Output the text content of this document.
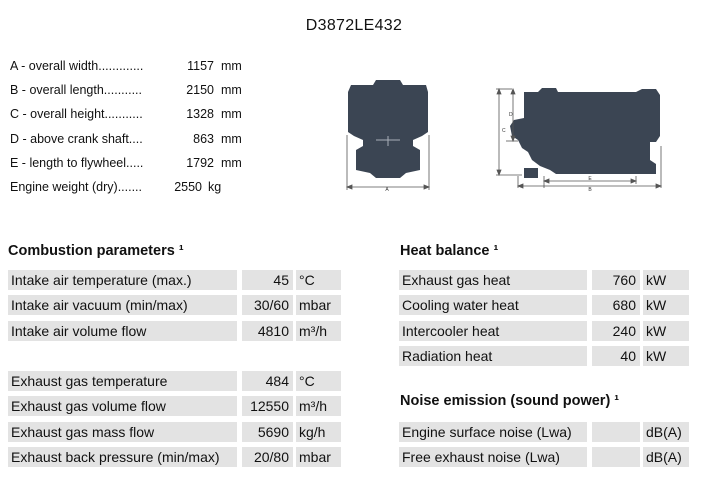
D3872LE432
A - overall width.............	1157 mm
B - overall length...........	2150 mm
C - overall height...........	1328 mm
D - above crank shaft....	863 mm
E - length to flywheel.....	1792 mm
Engine weight (dry).......	2550 kg	A
C
D
E
B
Combustion parameters ¹
Intake air temperature (max.)	45 °C
Intake air vacuum (min/max)	30/60 mbar
Intake air volume flow	4810 m³/h
Exhaust gas temperature	484 °C
Exhaust gas volume flow	12550 m³/h
Exhaust gas mass flow	5690 kg/h
Exhaust back pressure (min/max)	20/80 mbar
Heat balance ¹
Exhaust gas heat	760 kW
Cooling water heat	680 kW
Intercooler heat	240 kW
Radiation heat	40 kW
Noise emission (sound power) ¹
Engine surface noise (Lwa)	dB(A)
Free exhaust noise (Lwa)	dB(A)
